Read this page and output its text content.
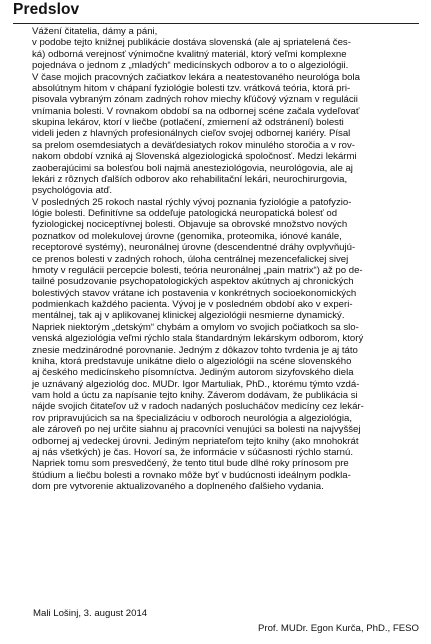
Predslov
Vážení čitatelia, dámy a páni,
v podobe tejto knižnej publikácie dostáva slovenská (ale aj spriatelená čes-
ká) odborná verejnosť výnimočne kvalitný materiál, ktorý veľmi komplexne
pojednáva o jednom z „mladých“ medicínskych odborov a to o algeziológii.
V čase mojich pracovných začiatkov lekára a neatestovaného neurológa bola
absolútnym hitom v chápaní fyziológie bolesti tzv. vrátková teória, ktorá pri-
pisovala vybraným zónam zadných rohov miechy kľúčový význam v regulácii
vnímania bolesti. V rovnakom období sa na odbornej scéne začala vydeľovať
skupina lekárov, ktorí v liečbe (potlačení, zmiernení až odstránení) bolesti
videli jeden z hlavných profesionálnych cieľov svojej odbornej kariéry. Písal
sa prelom osemdesiatych a deväťdesiatych rokov minulého storočia a v rov-
nakom období vzniká aj Slovenská algeziologická spoločnosť. Medzi lekármi
zaoberajúcimi sa bolesťou boli najmä anesteziológovia, neurológovia, ale aj
lekári z rôznych ďalších odborov ako rehabilitační lekári, neurochirurgovia,
psychológovia atď.
V posledných 25 rokoch nastal rýchly vývoj poznania fyziológie a patofyzio-
lógie bolesti. Definitívne sa oddeľuje patologická neuropatická bolesť od
fyziologickej nociceptívnej bolesti. Objavuje sa obrovské množstvo nových
poznatkov od molekulovej úrovne (genomika, proteomika, iónové kanále,
receptorové systémy), neuronálnej úrovne (descendentné dráhy ovplyvňujú-
ce prenos bolesti v zadných rohoch, úloha centrálnej mezencefalickej sivej
hmoty v regulácii percepcie bolesti, teória neuronálnej „pain matrix“) až po de-
tailné posudzovanie psychopatologických aspektov akútnych aj chronických
bolestivých stavov vrátane ich postavenia v konkrétnych socioekonomických
podmienkach každého pacienta. Vývoj je v posledném období ako v experi-
mentálnej, tak aj v aplikovanej klinickej algeziológii nesmierne dynamický.
Napriek niektorým „detským“ chybám a omylom vo svojich počiatkoch sa slo-
venská algeziológia veľmi rýchlo stala štandardným lekárskym odborom, ktorý
znesie medzinárodné porovnanie. Jedným z dôkazov tohto tvrdenia je aj táto
kniha, ktorá predstavuje unikátne dielo o algeziológii na scéne slovenského
aj českého medicínskeho písomníctva. Jediným autorom sizyfovského diela
je uznávaný algeziológ doc. MUDr. Igor Martuliak, PhD., ktorému týmto vzdá-
vam hold a úctu za napísanie tejto knihy. Záverom dodávam, že publikácia si
nájde svojich čitateľov už v radoch nadaných poslucháčov medicíny cez lekár-
rov pripravujúcich sa na špecializáciu v odboroch neurológia a algeziológia,
ale zároveň po nej určite siahnu aj pracovníci venujúci sa bolesti na najvyššej
odbornej aj vedeckej úrovni. Jediným nepriateľom tejto knihy (ako mnohokrát
aj nás všetkých) je čas. Hovorí sa, že informácie v súčasnosti rýchlo starnú.
Napriek tomu som presvedčený, že tento titul bude dlhé roky prínosom pre
štúdium a liečbu bolesti a rovnako môže byť v budúcnosti ideálnym podkla-
dom pre vytvorenie aktualizovaného a doplneného ďalšieho vydania.
Mali Lošinj, 3. august 2014
Prof. MUDr. Egon Kurča, PhD., FESO
